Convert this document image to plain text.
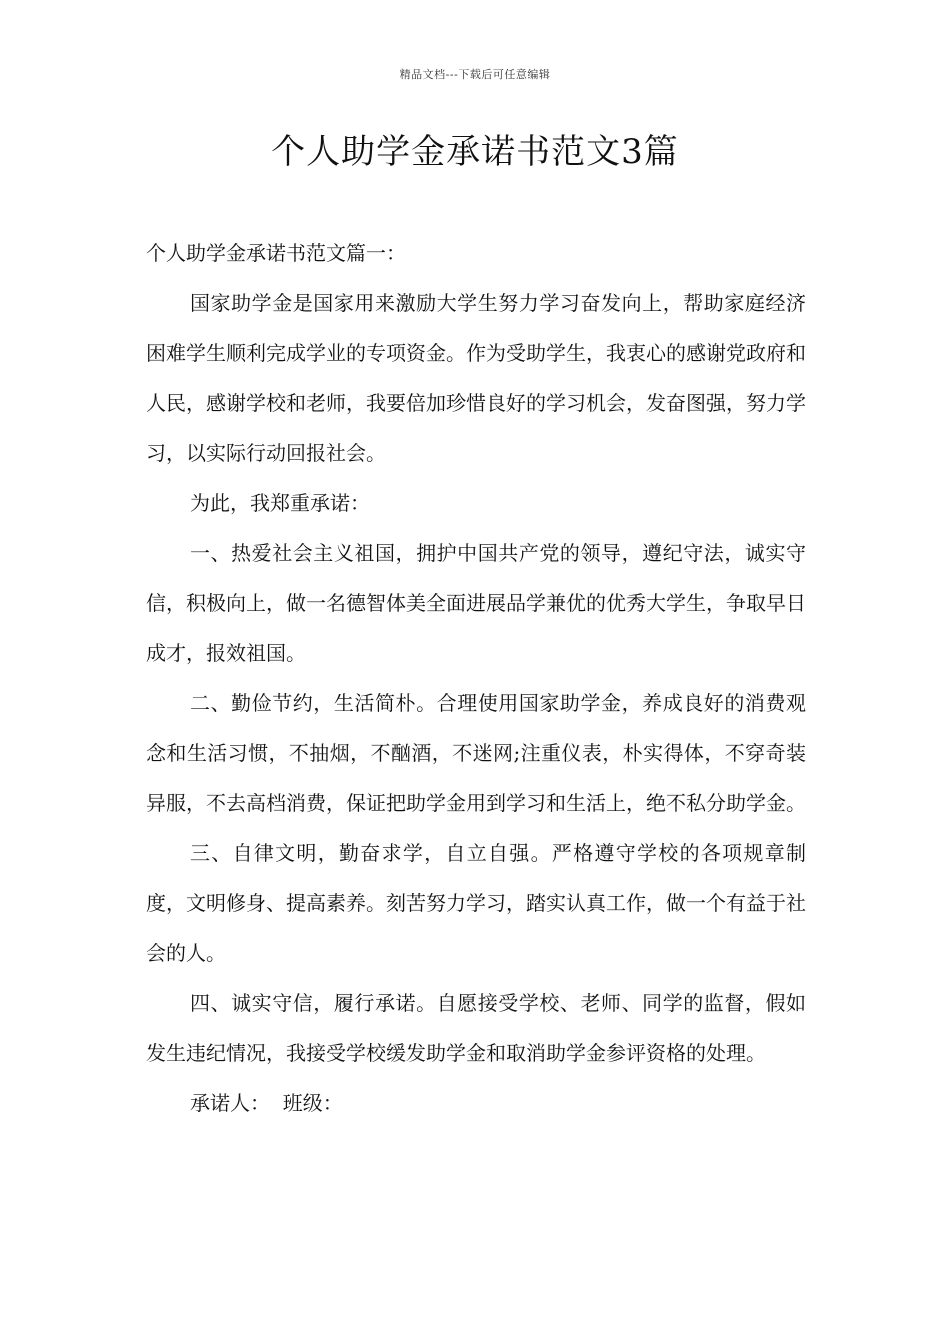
精品文档---下载后可任意编辑
个人助学金承诺书范文3篇

个人助学金承诺书范文篇一：

国家助学金是国家用来激励大学生努力学习奋发向上，帮助家庭经济困难学生顺利完成学业的专项资金。作为受助学生，我衷心的感谢党政府和人民，感谢学校和老师，我要倍加珍惜良好的学习机会，发奋图强，努力学习，以实际行动回报社会。

为此，我郑重承诺：

一、热爱社会主义祖国，拥护中国共产党的领导，遵纪守法，诚实守信，积极向上，做一名德智体美全面进展品学兼优的优秀大学生，争取早日成才，报效祖国。

二、勤俭节约，生活简朴。合理使用国家助学金，养成良好的消费观念和生活习惯，不抽烟，不酗酒，不迷网;注重仪表，朴实得体，不穿奇装异服，不去高档消费，保证把助学金用到学习和生活上，绝不私分助学金。

三、自律文明，勤奋求学，自立自强。严格遵守学校的各项规章制度，文明修身、提高素养。刻苦努力学习，踏实认真工作，做一个有益于社会的人。

四、诚实守信，履行承诺。自愿接受学校、老师、同学的监督，假如发生违纪情况，我接受学校缓发助学金和取消助学金参评资格的处理。

承诺人：  班级：
